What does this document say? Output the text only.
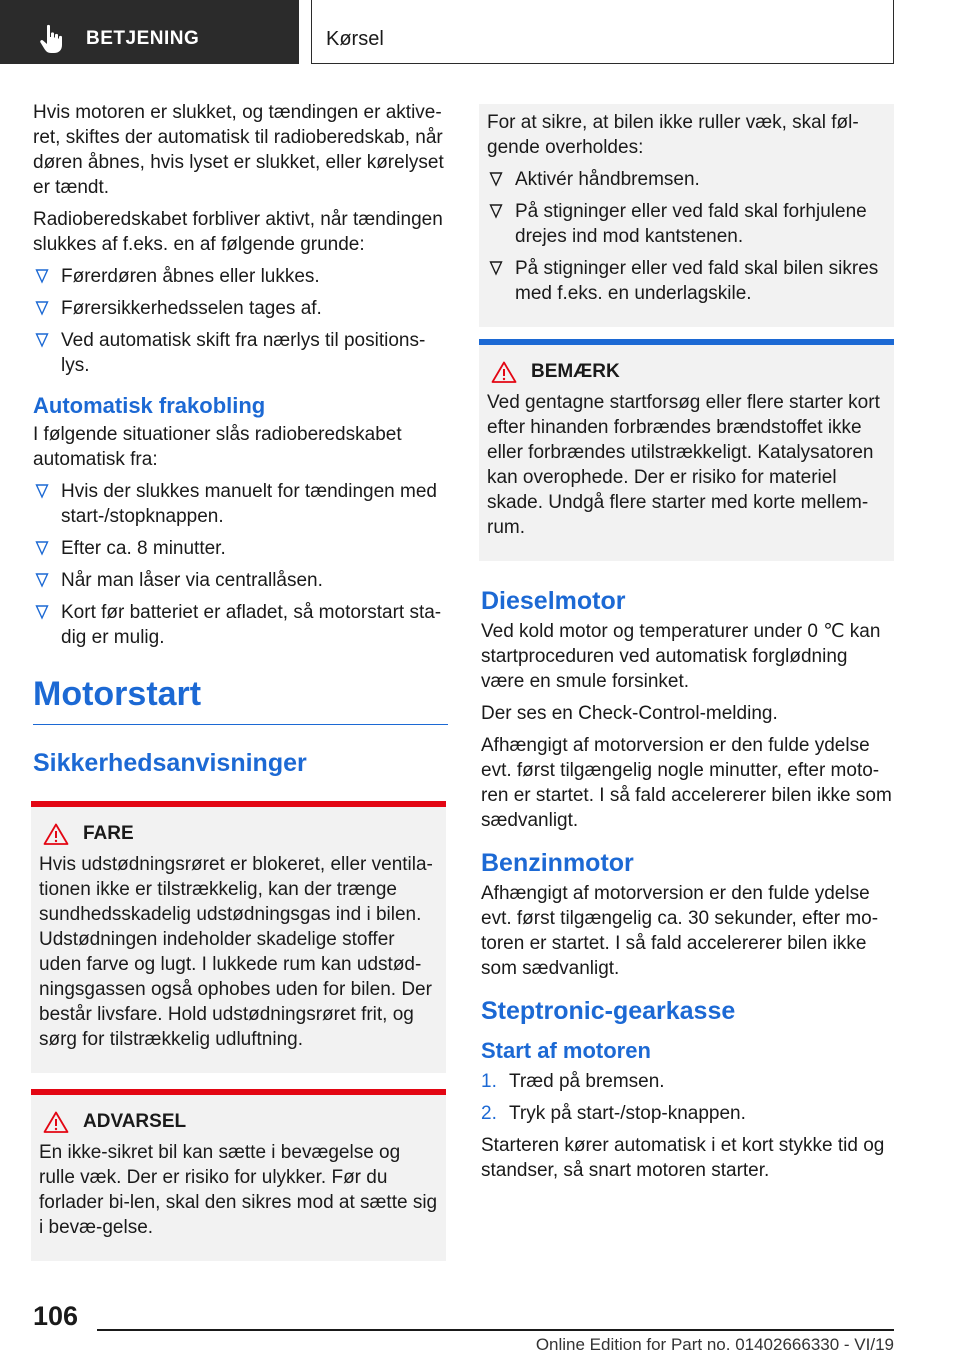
BETJENING	Kørsel

Hvis motoren er slukket, og tændingen er aktive-ret, skiftes der automatisk til radioberedskab, når døren åbnes, hvis lyset er slukket, eller kørelyset er tændt.

Radioberedskabet forbliver aktivt, når tændingen slukkes af f.eks. en af følgende grunde:

Førerdøren åbnes eller lukkes.
Førersikkerhedsselen tages af.
Ved automatisk skift fra nærlys til positions-lys.
Automatisk frakobling

I følgende situationer slås radioberedskabet automatisk fra:

Hvis der slukkes manuelt for tændingen med start-/stopknappen.
Efter ca. 8 minutter.
Når man låser via centrallåsen.
Kort før batteriet er afladet, så motorstart sta-dig er mulig.
Motorstart
Sikkerhedsanvisninger
FARE

Hvis udstødningsrøret er blokeret, eller ventila-tionen ikke er tilstrækkelig, kan der trænge sundhedsskadelig udstødningsgas ind i bilen. Udstødningen indeholder skadelige stoffer uden farve og lugt. I lukkede rum kan udstød-ningsgassen også ophobes uden for bilen. Der består livsfare. Hold udstødningsrøret frit, og sørg for tilstrækkelig udluftning.

ADVARSEL

En ikke-sikret bil kan sætte i bevægelse og rulle væk. Der er risiko for ulykker. Før du forlader bi-len, skal den sikres mod at sætte sig i bevæ-gelse.

For at sikre, at bilen ikke ruller væk, skal føl-gende overholdes:

Aktivér håndbremsen.
På stigninger eller ved fald skal forhjulene drejes ind mod kantstenen.
På stigninger eller ved fald skal bilen sikres med f.eks. en underlagskile.
BEMÆRK

Ved gentagne startforsøg eller flere starter kort efter hinanden forbrændes brændstoffet ikke eller forbrændes utilstrækkeligt. Katalysatoren kan overophede. Der er risiko for materiel skade. Undgå flere starter med korte mellem-rum.

Dieselmotor

Ved kold motor og temperaturer under 0 ℃ kan startproceduren ved automatisk forglødning være en smule forsinket.

Der ses en Check-Control-melding.

Afhængigt af motorversion er den fulde ydelse evt. først tilgængelig nogle minutter, efter moto-ren er startet. I så fald accelererer bilen ikke som sædvanligt.

Benzinmotor

Afhængigt af motorversion er den fulde ydelse evt. først tilgængelig ca. 30 sekunder, efter mo-toren er startet. I så fald accelererer bilen ikke som sædvanligt.

Steptronic-gearkasse
Start af motoren
1. Træd på bremsen.
2. Tryk på start-/stop-knappen.

Starteren kører automatisk i et kort stykke tid og standser, så snart motoren starter.

106
Online Edition for Part no. 01402666330 - VI/19
